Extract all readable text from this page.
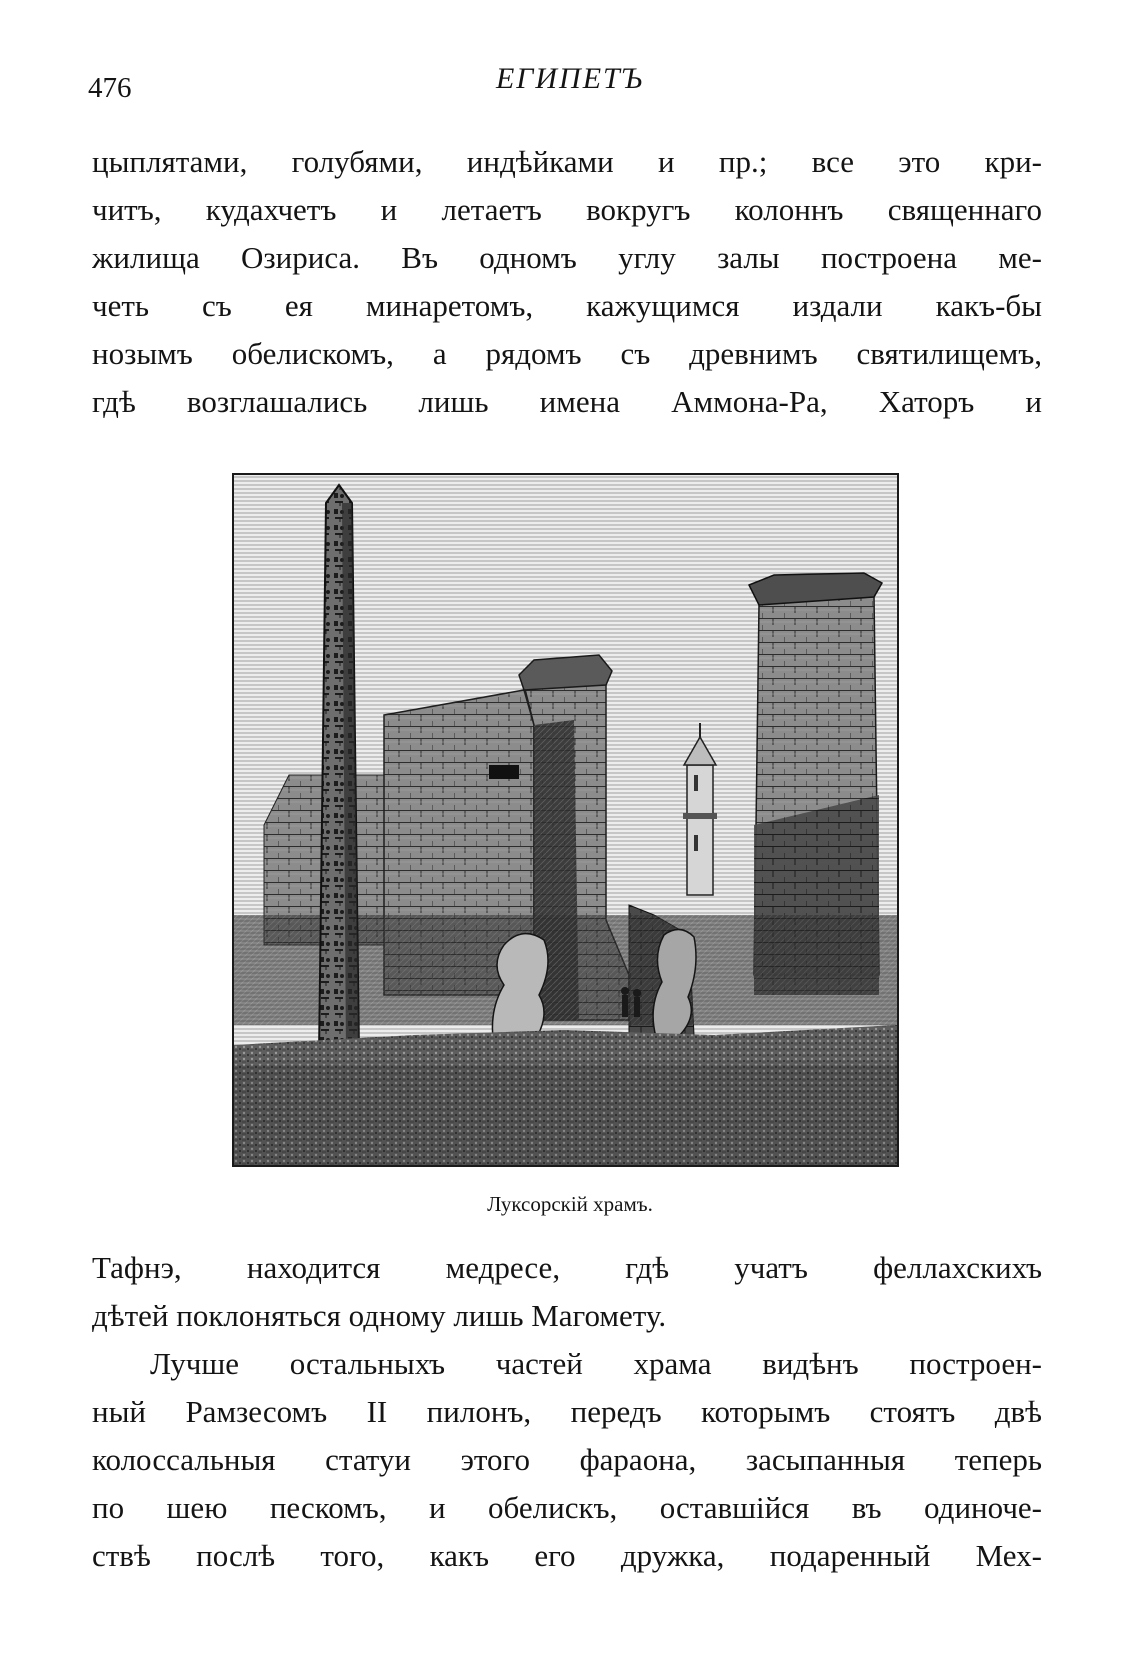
476	ЕГИПЕТЪ
цыплятами, голубями, индѣйками и пр.; все это кри-
читъ, кудахчетъ и летаетъ вокругъ колоннъ священнаго
жилища Озириса. Въ одномъ углу залы построена ме-
четь съ ея минаретомъ, кажущимся издали какъ-бы
нозымъ обелискомъ, а рядомъ съ древнимъ святилищемъ,
гдѣ возглашались лишь имена Аммона-Ра, Хаторъ и
Луксорскій храмъ.
Тафнэ, находится медресе, гдѣ учатъ феллахскихъ
дѣтей поклоняться одному лишь Магомету.
Лучше остальныхъ частей храма видѣнъ построен-
ный Рамзесомъ II пилонъ, передъ которымъ стоятъ двѣ
колоссальныя статуи этого фараона, засыпанныя теперь
по шею пескомъ, и обелискъ, оставшійся въ одиноче-
ствѣ послѣ того, какъ его дружка, подаренный Мех-
